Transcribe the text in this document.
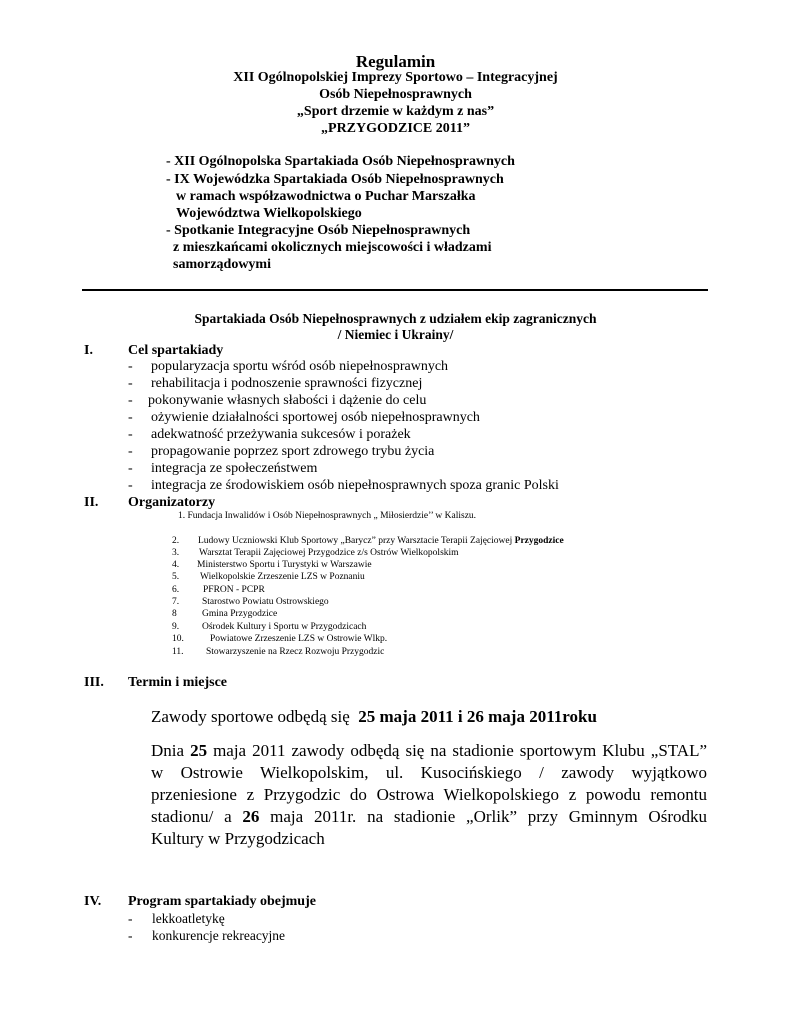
Regulamin
XII Ogólnopolskiej Imprezy Sportowo – Integracyjnej
Osób Niepełnosprawnych
„Sport drzemie w każdym z nas”
„PRZYGODZICE 2011”
- XII Ogólnopolska Spartakiada Osób Niepełnosprawnych
- IX Wojewódzka Spartakiada Osób Niepełnosprawnych
w ramach współzawodnictwa o Puchar Marszałka
Województwa Wielkopolskiego
- Spotkanie Integracyjne Osób Niepełnosprawnych
z mieszkańcami okolicznych miejscowości i władzami
samorządowymi
Spartakiada Osób Niepełnosprawnych z udziałem ekip zagranicznych
/ Niemiec i Ukrainy/
I.	Cel spartakiady
- popularyzacja sportu wśród osób niepełnosprawnych
- rehabilitacja i podnoszenie sprawności fizycznej
- pokonywanie własnych słabości i dążenie do celu
- ożywienie działalności sportowej osób niepełnosprawnych
- adekwatność przeżywania sukcesów i porażek
- propagowanie poprzez sport zdrowego trybu życia
- integracja ze społeczeństwem
- integracja ze środowiskiem osób niepełnosprawnych spoza granic Polski
II. Organizatorzy
1. Fundacja Inwalidów i Osób Niepełnosprawnych „ Miłosierdzie’’ w Kaliszu.
2. Ludowy Uczniowski Klub Sportowy „Barycz” przy Warsztacie Terapii Zajęciowej Przygodzice
3. Warsztat Terapii Zajęciowej Przygodzice z/s Ostrów Wielkopolskim
4. Ministerstwo Sportu i Turystyki w Warszawie
5. Wielkopolskie Zrzeszenie LZS w Poznaniu
6.	PFRON - PCPR
7. Starostwo Powiatu Ostrowskiego
8	Gmina Przygodzice
9. Ośrodek Kultury i Sportu w Przygodzicach
10.	Powiatowe Zrzeszenie LZS w Ostrowie Wlkp.
11. Stowarzyszenie na Rzecz Rozwoju Przygodzic
III. Termin i miejsce
Zawody sportowe odbędą się 25 maja 2011 i 26 maja 2011roku
Dnia 25 maja 2011 zawody odbędą się na stadionie sportowym Klubu „STAL”
w Ostrowie Wielkopolskim, ul. Kusocińskiego / zawody wyjątkowo
przeniesione z Przygodzic do Ostrowa Wielkopolskiego z powodu remontu
stadionu/ a 26 maja 2011r. na stadionie „Orlik” przy Gminnym Ośrodku
Kultury w Przygodzicach
IV. Program spartakiady obejmuje
- lekkoatletykę
- konkurencje rekreacyjne
